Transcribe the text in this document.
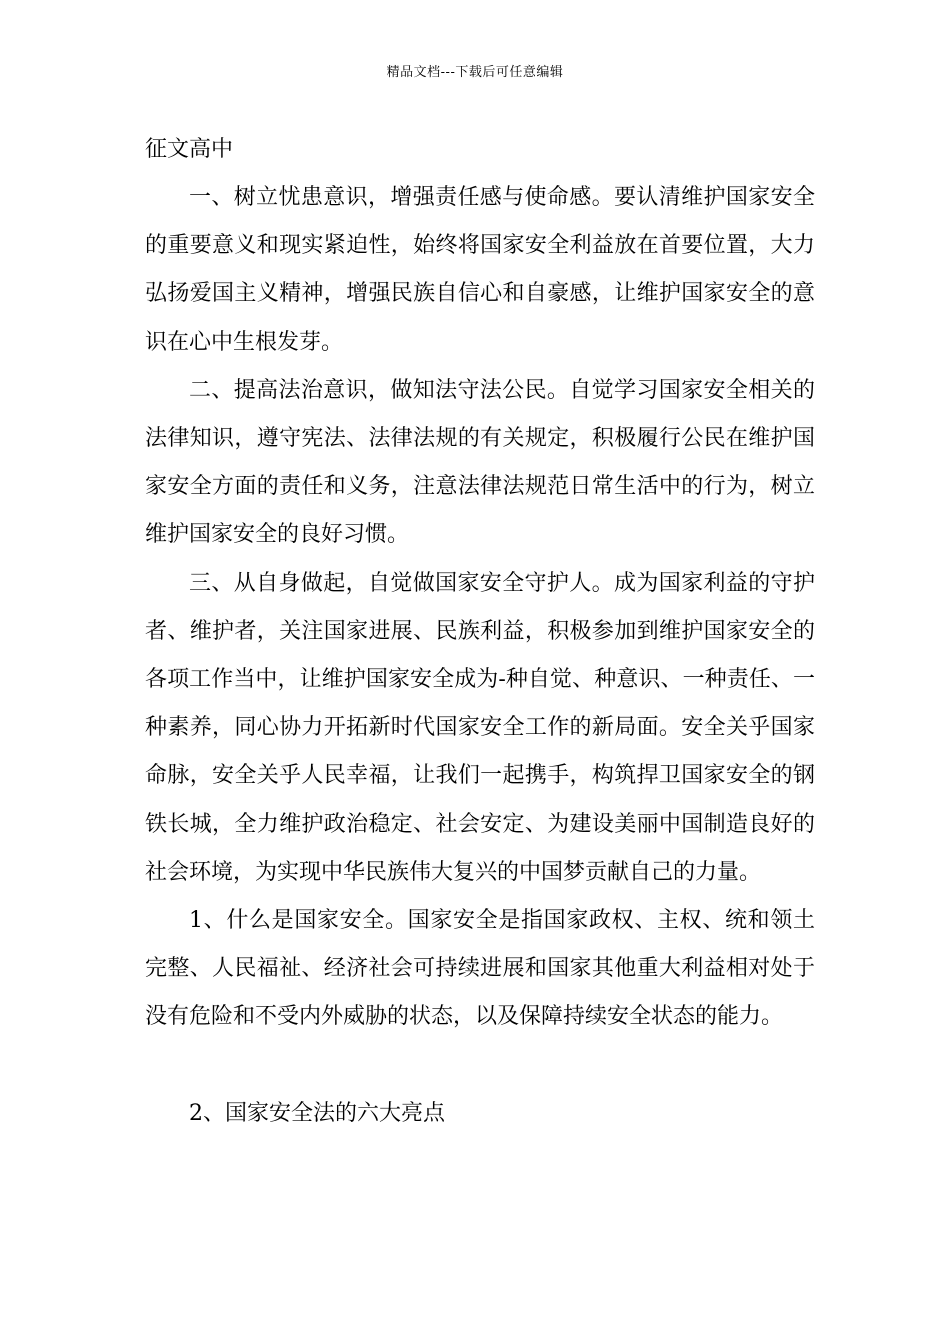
精品文档---下载后可任意编辑
征文高中

一、树立忧患意识，增强责任感与使命感。要认清维护国家安全的重要意义和现实紧迫性，始终将国家安全利益放在首要位置，大力弘扬爱国主义精神，增强民族自信心和自豪感，让维护国家安全的意识在心中生根发芽。

二、提高法治意识，做知法守法公民。自觉学习国家安全相关的法律知识，遵守宪法、法律法规的有关规定，积极履行公民在维护国家安全方面的责任和义务，注意法律法规范日常生活中的行为，树立维护国家安全的良好习惯。

三、从自身做起，自觉做国家安全守护人。成为国家利益的守护者、维护者，关注国家进展、民族利益，积极参加到维护国家安全的各项工作当中，让维护国家安全成为-种自觉、种意识、一种责任、一种素养，同心协力开拓新时代国家安全工作的新局面。安全关乎国家命脉，安全关乎人民幸福，让我们一起携手，构筑捍卫国家安全的钢铁长城，全力维护政治稳定、社会安定、为建设美丽中国制造良好的社会环境，为实现中华民族伟大复兴的中国梦贡献自己的力量。

1、什么是国家安全。国家安全是指国家政权、主权、统和领土完整、人民福祉、经济社会可持续进展和国家其他重大利益相对处于没有危险和不受内外威胁的状态，以及保障持续安全状态的能力。

2、国家安全法的六大亮点
